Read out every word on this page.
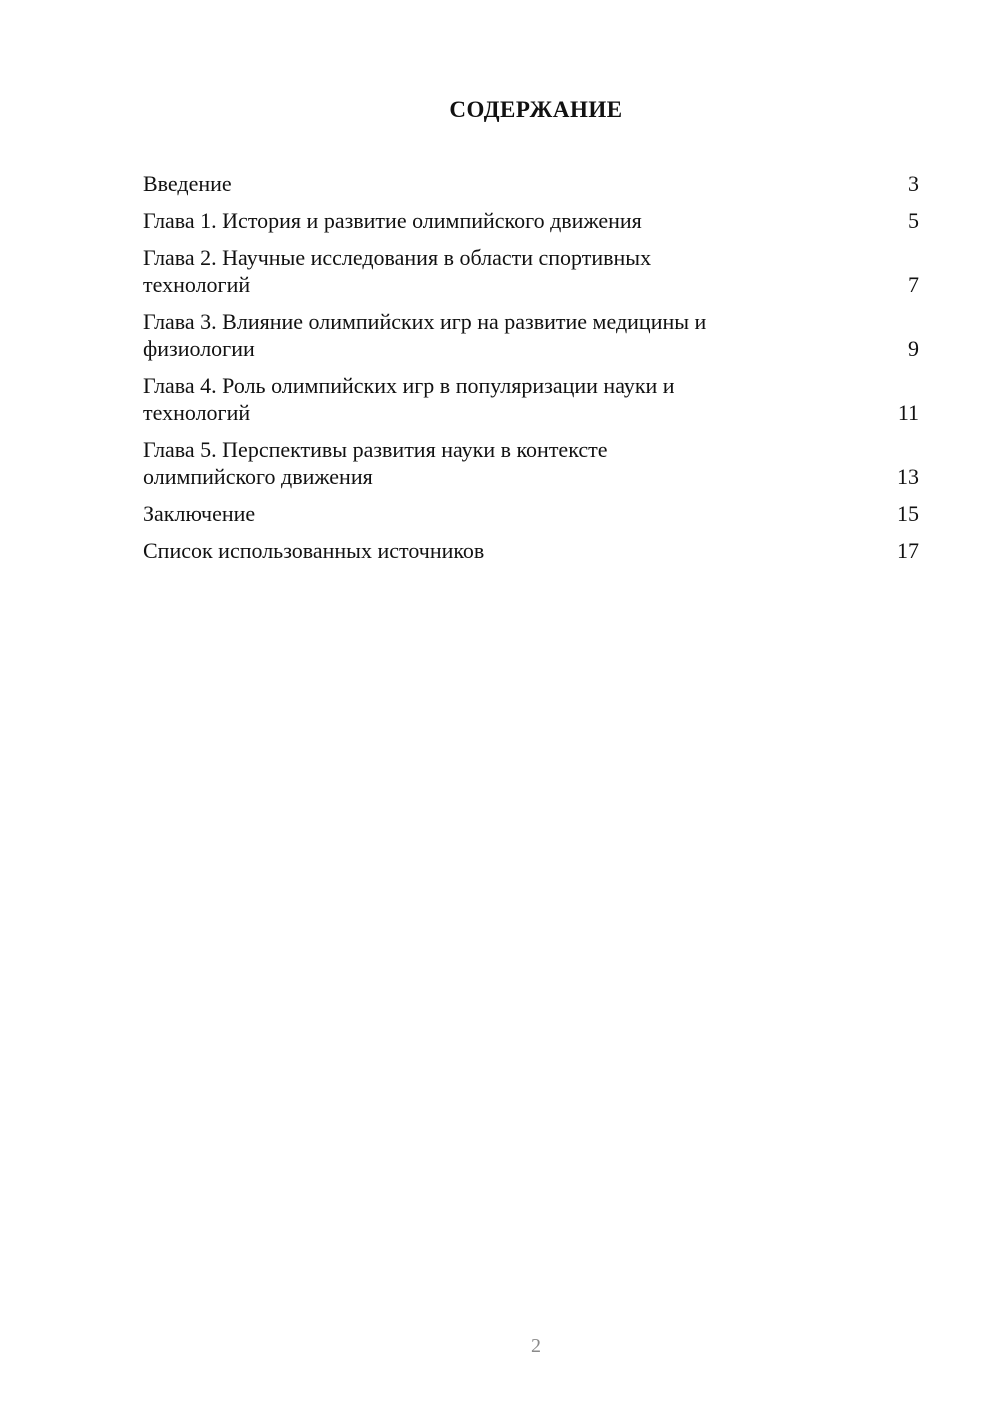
СОДЕРЖАНИЕ
Введение	3
Глава 1. История и развитие олимпийского движения	5
Глава 2. Научные исследования в области спортивных
технологий	7
Глава 3. Влияние олимпийских игр на развитие медицины и
физиологии	9
Глава 4. Роль олимпийских игр в популяризации науки и
технологий	11
Глава 5. Перспективы развития науки в контексте
олимпийского движения	13
Заключение	15
Список использованных источников	17
2
